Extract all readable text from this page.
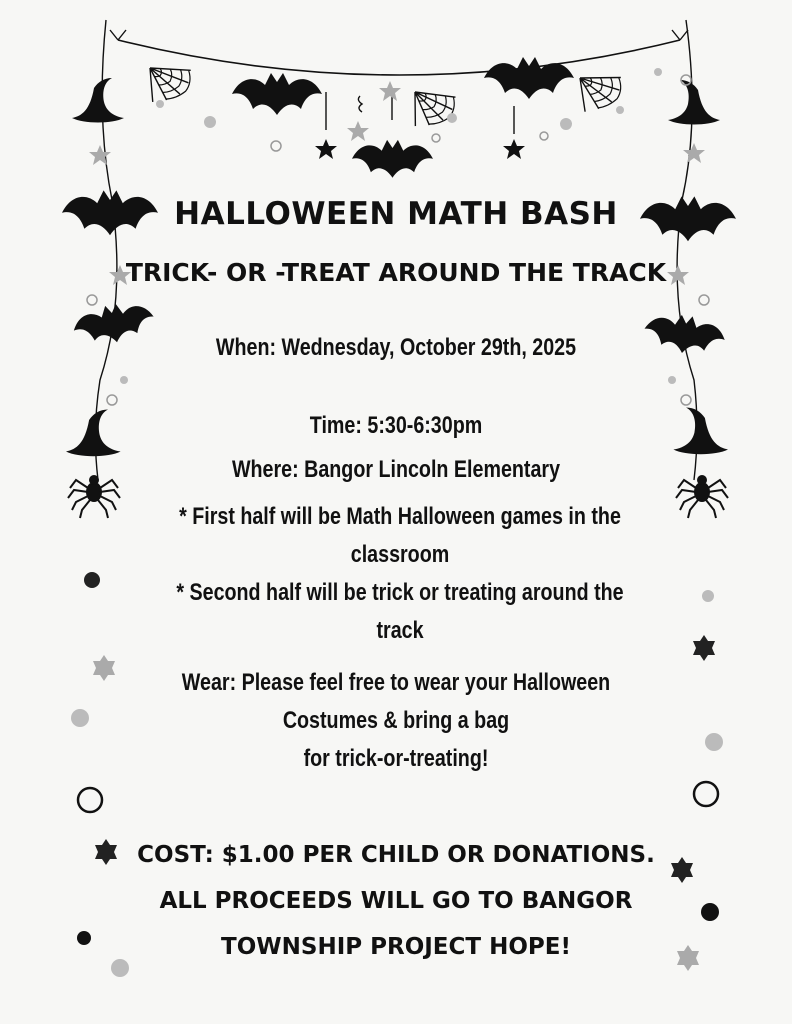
HALLOWEEN MATH BASH

TRICK- OR -TREAT AROUND THE TRACK

When: Wednesday, October 29th, 2025

Time: 5:30-6:30pm

Where: Bangor Lincoln Elementary

* First half will be Math Halloween games in the
classroom
* Second half will be trick or treating around the
track
Wear: Please feel free to wear your Halloween
Costumes & bring a bag
for trick-or-treating!
COST: $1.00 PER CHILD OR DONATIONS.
ALL PROCEEDS WILL GO TO BANGOR
TOWNSHIP PROJECT HOPE!
